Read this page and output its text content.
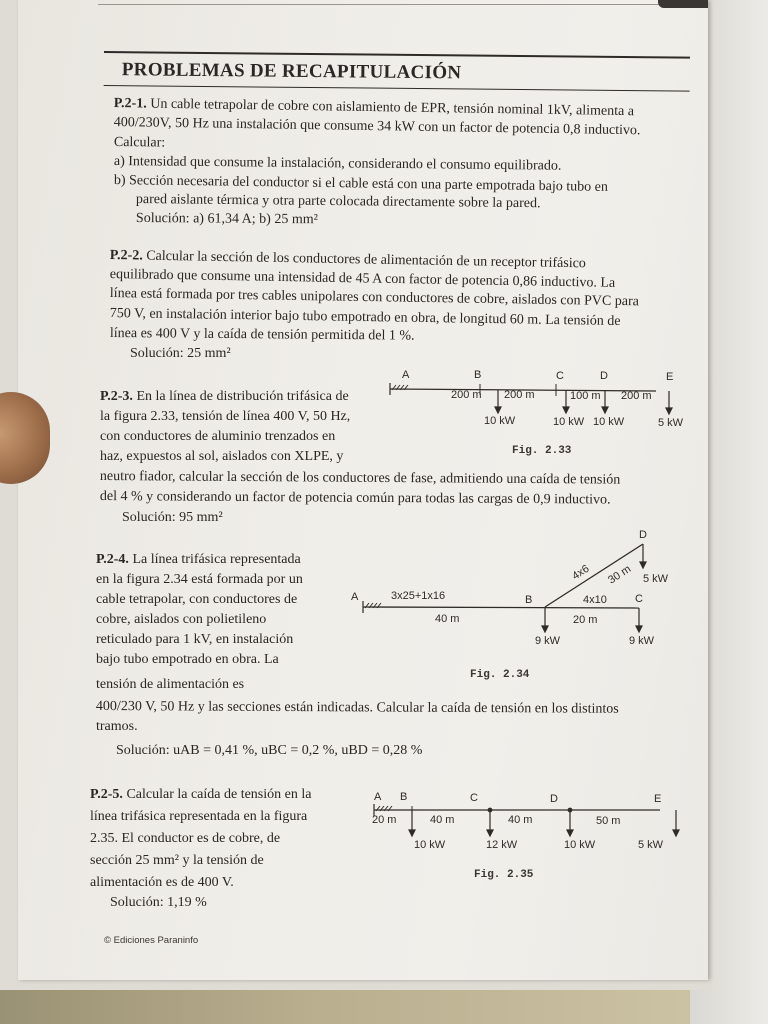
PROBLEMAS DE RECAPITULACIÓN
P.2-1. Un cable tetrapolar de cobre con aislamiento de EPR, tensión nominal 1kV, alimenta a
400/230V, 50 Hz una instalación que consume 34 kW con un factor de potencia 0,8 inductivo.
Calcular:
a) Intensidad que consume la instalación, considerando el consumo equilibrado.
b) Sección necesaria del conductor si el cable está con una parte empotrada bajo tubo en
pared aislante térmica y otra parte colocada directamente sobre la pared.
Solución: a) 61,34 A; b) 25 mm²
P.2-2. Calcular la sección de los conductores de alimentación de un receptor trifásico
equilibrado que consume una intensidad de 45 A con factor de potencia 0,86 inductivo. La
línea está formada por tres cables unipolares con conductores de cobre, aislados con PVC para
750 V, en instalación interior bajo tubo empotrado en obra, de longitud 60 m. La tensión de
línea es 400 V y la caída de tensión permitida del 1 %.
Solución: 25 mm²
P.2-3. En la línea de distribución trifásica de
la figura 2.33, tensión de línea 400 V, 50 Hz,
con conductores de aluminio trenzados en
haz, expuestos al sol, aislados con XLPE, y
neutro fiador, calcular la sección de los conductores de fase, admitiendo una caída de tensión
del 4 % y considerando un factor de potencia común para todas las cargas de 0,9 inductivo.
Solución: 95 mm²
A	B	C	D	E
200 m 200 m	100 m 200 m
10 kW	10 kW 10 kW	5 kW
Fig. 2.33
P.2-4. La línea trifásica representada
en la figura 2.34 está formada por un
cable tetrapolar, con conductores de
cobre, aislados con polietileno
reticulado para 1 kV, en instalación
bajo tubo empotrado en obra. La
tensión de alimentación es
400/230 V, 50 Hz y las secciones están indicadas. Calcular la caída de tensión en los distintos
tramos.
Solución: uAB = 0,41 %, uBC = 0,2 %, uBD = 0,28 %
A	B	C
D
3x25+1x16
40 m
4x10
20 m
4x6 30 m
9 kW	9 kW
5 kW
Fig. 2.34
P.2-5. Calcular la caída de tensión en la
línea trifásica representada en la figura
2.35. El conductor es de cobre, de
sección 25 mm² y la tensión de
alimentación es de 400 V.
Solución: 1,19 %
A B	C	D	E
20 m	40 m	40 m	50 m
10 kW	12 kW	10 kW	5 kW
Fig. 2.35
© Ediciones Paraninfo
